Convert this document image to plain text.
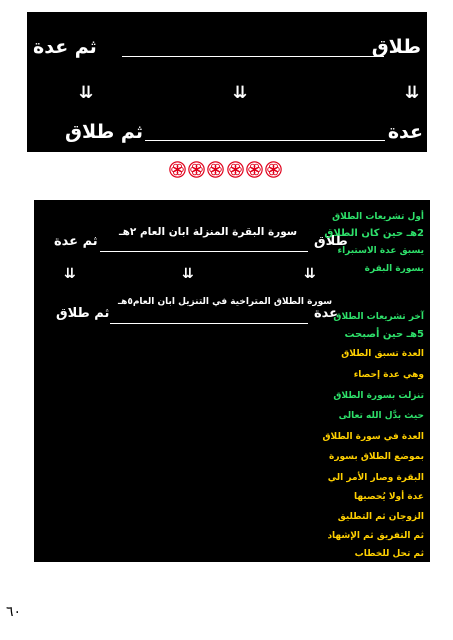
طلاق
ثم عدة
⇊
⇊
⇊
عدة
ثم طلاق
طلاق
سورة البقرة المنزلة ابان العام ٢هـ
ثم عدة
⇊
⇊
⇊
عدة
سورة الطلاق المتراخية في التنزيل ابان العام٥هـ
ثم طلاق
أول تشريعات الطلاق
2هـ حين كان الطلاق
يسبق عدة الاستبراء
بسورة البقرة
آخر تشريعات الطلاق
5هـ حين أصبحت
العدة تسبق الطلاق
وهي عدة إحصاء
تنزلت بسورة الطلاق
حيث بدَّل الله تعالى
العدة في سورة الطلاق
بموضع الطلاق بسورة
البقرة وصار الأمر الي
عدة أولا يُحصيها
الزوجان ثم التطليق
ثم التفريق ثم الإشهاد
ثم تحل للخطاب
٦٠
